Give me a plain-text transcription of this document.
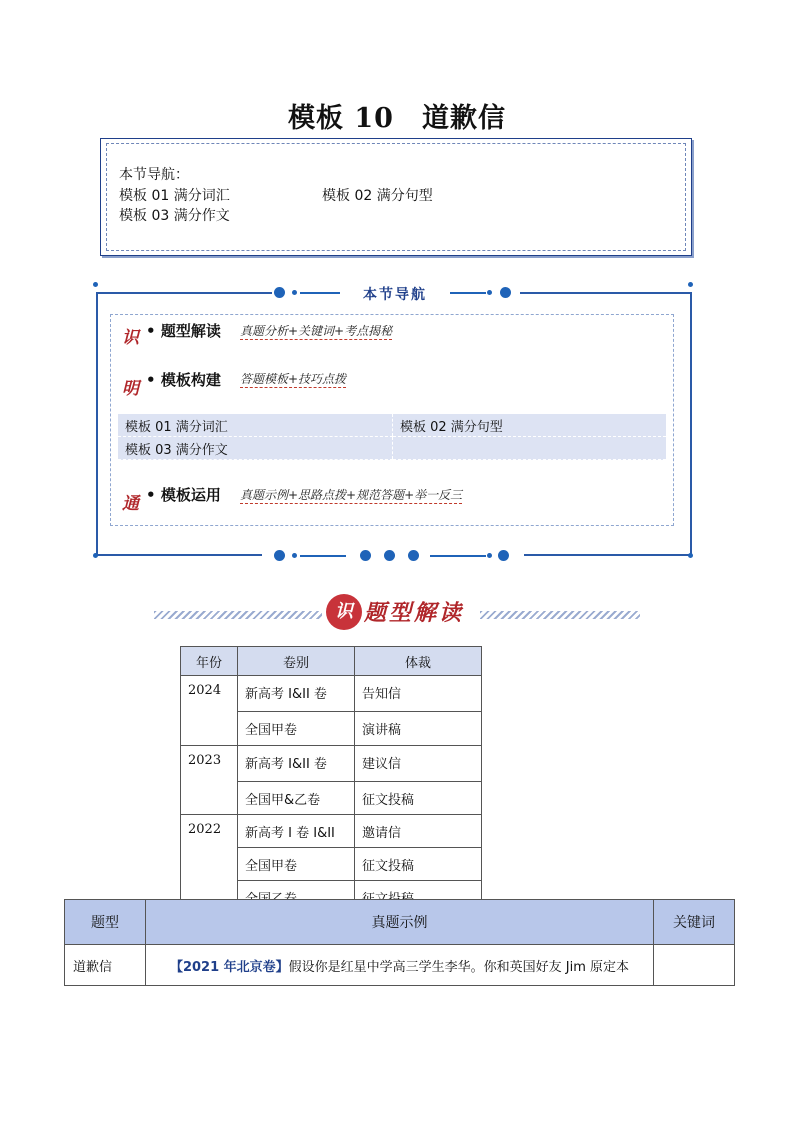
模板 10 道歉信
本节导航：
模板 01 满分词汇	模板 02 满分句型
模板 03 满分作文
本节导航
识 • 题型解读 真题分析+关键词+考点揭秘
明 • 模板构建 答题模板+技巧点拨
模板 01 满分词汇	模板 02 满分句型
模板 03 满分作文	
通 • 模板运用 真题示例+思路点拨+规范答题+举一反三
识 题型解读
年份	卷别	体裁
2024	新高考 I&II 卷	告知信
	全国甲卷	演讲稿
2023	新高考 I&II 卷	建议信
	全国甲&乙卷	征文投稿
2022	新高考 I 卷 I&II	邀请信
	全国甲卷	征文投稿

题型	真题示例	关键词
道歉信	【2021 年北京卷】假设你是红星中学高三学生李华。你和英国好友 Jim 原定本	
